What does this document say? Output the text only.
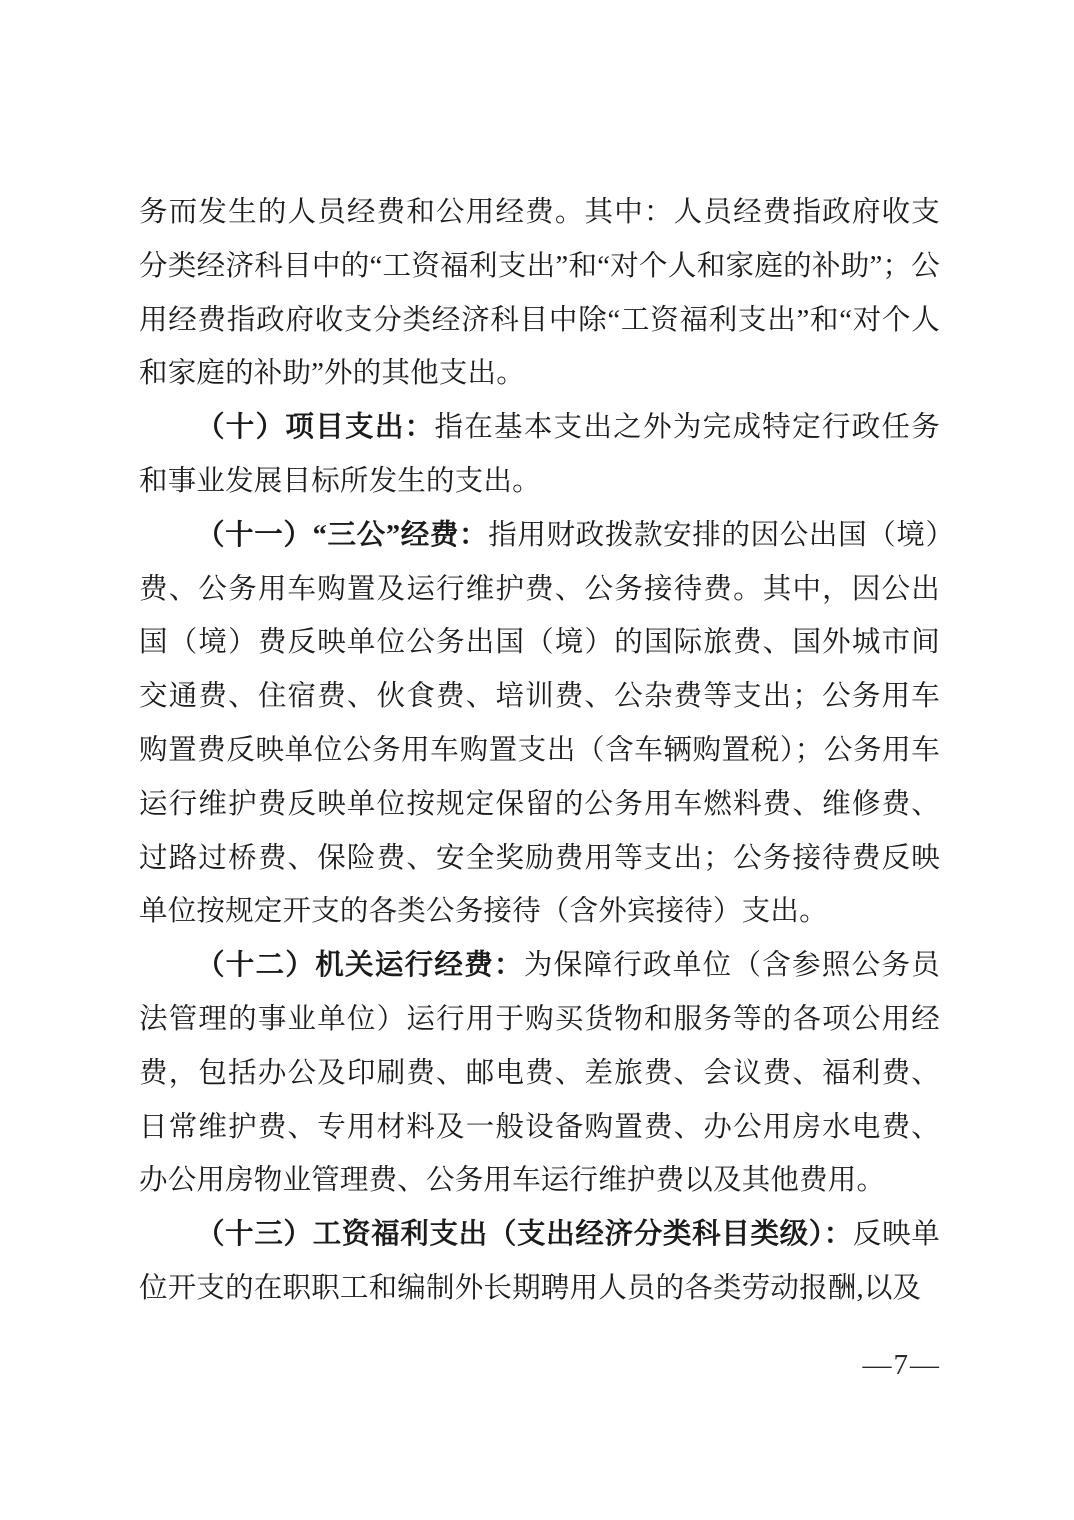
务而发生的人员经费和公用经费。其中：人员经费指政府收支分类经济科目中的“工资福利支出”和“对个人和家庭的补助”；公用经费指政府收支分类经济科目中除“工资福利支出”和“对个人和家庭的补助”外的其他支出。

（十）项目支出：指在基本支出之外为完成特定行政任务和事业发展目标所发生的支出。

（十一）“三公”经费：指用财政拨款安排的因公出国（境）费、公务用车购置及运行维护费、公务接待费。其中，因公出国（境）费反映单位公务出国（境）的国际旅费、国外城市间交通费、住宿费、伙食费、培训费、公杂费等支出；公务用车购置费反映单位公务用车购置支出（含车辆购置税）；公务用车运行维护费反映单位按规定保留的公务用车燃料费、维修费、过路过桥费、保险费、安全奖励费用等支出；公务接待费反映单位按规定开支的各类公务接待（含外宾接待）支出。

（十二）机关运行经费：为保障行政单位（含参照公务员法管理的事业单位）运行用于购买货物和服务等的各项公用经费，包括办公及印刷费、邮电费、差旅费、会议费、福利费、日常维护费、专用材料及一般设备购置费、办公用房水电费、办公用房物业管理费、公务用车运行维护费以及其他费用。

（十三）工资福利支出（支出经济分类科目类级）：反映单位开支的在职职工和编制外长期聘用人员的各类劳动报酬,以及

—7—
